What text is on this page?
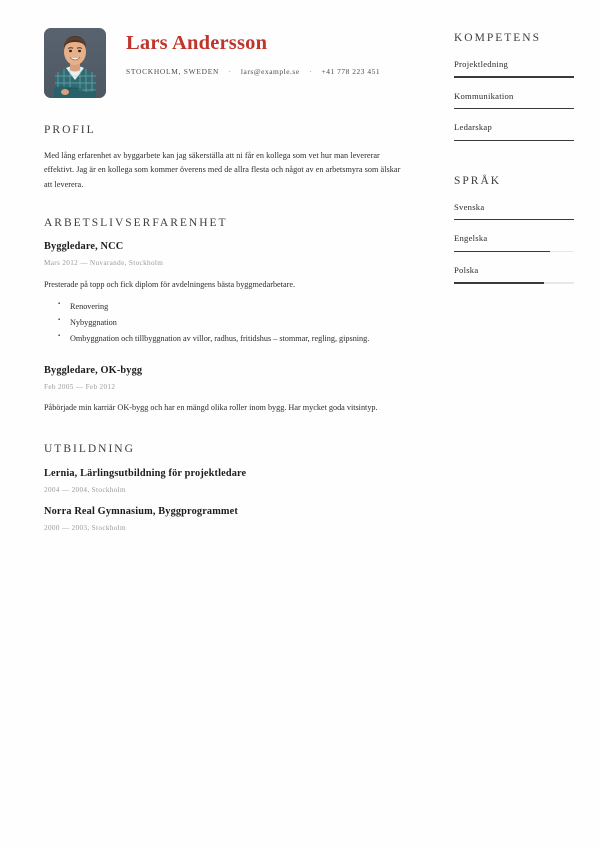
Lars Andersson
STOCKHOLM, SWEDEN · lars@example.se · +41 778 223 451
PROFIL

Med lång erfarenhet av byggarbete kan jag säkerställa att ni får en kollega som vet hur man levererar effektivt. Jag är en kollega som kommer överens med de allra flesta och något av en arbetsmyra som älskar att leverera.

ARBETSLIVSERFARENHET
Byggledare, NCC
Mars 2012 — Nuvarande, Stockholm

Presterade på topp och fick diplom för avdelningens bästa byggmedarbetare.

▪ Renovering
▪ Nybyggnation
▪ Ombyggnation och tillbyggnation av villor, radhus, fritidshus – stommar, regling, gipsning.
Byggledare, OK-bygg
Feb 2005 — Feb 2012

Påbörjade min karriär OK-bygg och har en mängd olika roller inom bygg. Har mycket goda vitsintyp.

UTBILDNING
Lernia, Lärlingsutbildning för projektledare
2004 — 2004, Stockholm
Norra Real Gymnasium, Byggprogrammet
2000 — 2003, Stockholm
KOMPETENS
Projektledning
Kommunikation
Ledarskap
SPRÅK
Svenska
Engelska
Polska
